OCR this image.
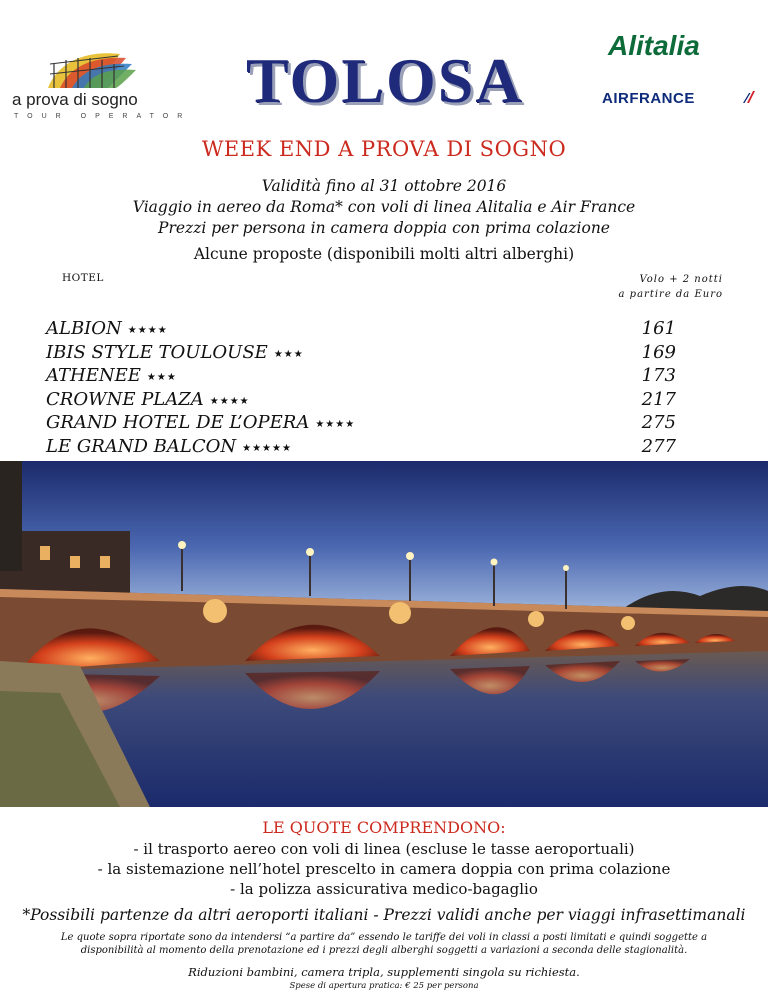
a prova di sogno
TOUR OPERATOR
TOLOSA	Alitalia
AIRFRANCE
WEEK END A PROVA DI SOGNO
Validità fino al 31 ottobre 2016
Viaggio in aereo da Roma* con voli di linea Alitalia e Air France
Prezzi per persona in camera doppia con prima colazione
Alcune proposte (disponibili molti altri alberghi)
HOTEL	Volo + 2 notti
a partire da Euro
ALBION ★★★★	161
IBIS STYLE TOULOUSE ★★★	169
ATHENEE ★★★	173
CROWNE PLAZA ★★★★	217
GRAND HOTEL DE L’OPERA ★★★★	275
LE GRAND BALCON ★★★★★	277
LE QUOTE COMPRENDONO:
- il trasporto aereo con voli di linea (escluse le tasse aeroportuali)
- la sistemazione nell’hotel prescelto in camera doppia con prima colazione
- la polizza assicurativa medico-bagaglio
*Possibili partenze da altri aeroporti italiani - Prezzi validi anche per viaggi infrasettimanali
Le quote sopra riportate sono da intendersi “a partire da” essendo le tariffe dei voli in classi a posti limitati e quindi soggette a
disponibilità al momento della prenotazione ed i prezzi degli alberghi soggetti a variazioni a seconda delle stagionalità.
Riduzioni bambini, camera tripla, supplementi singola su richiesta.
Spese di apertura pratica: € 25 per persona
